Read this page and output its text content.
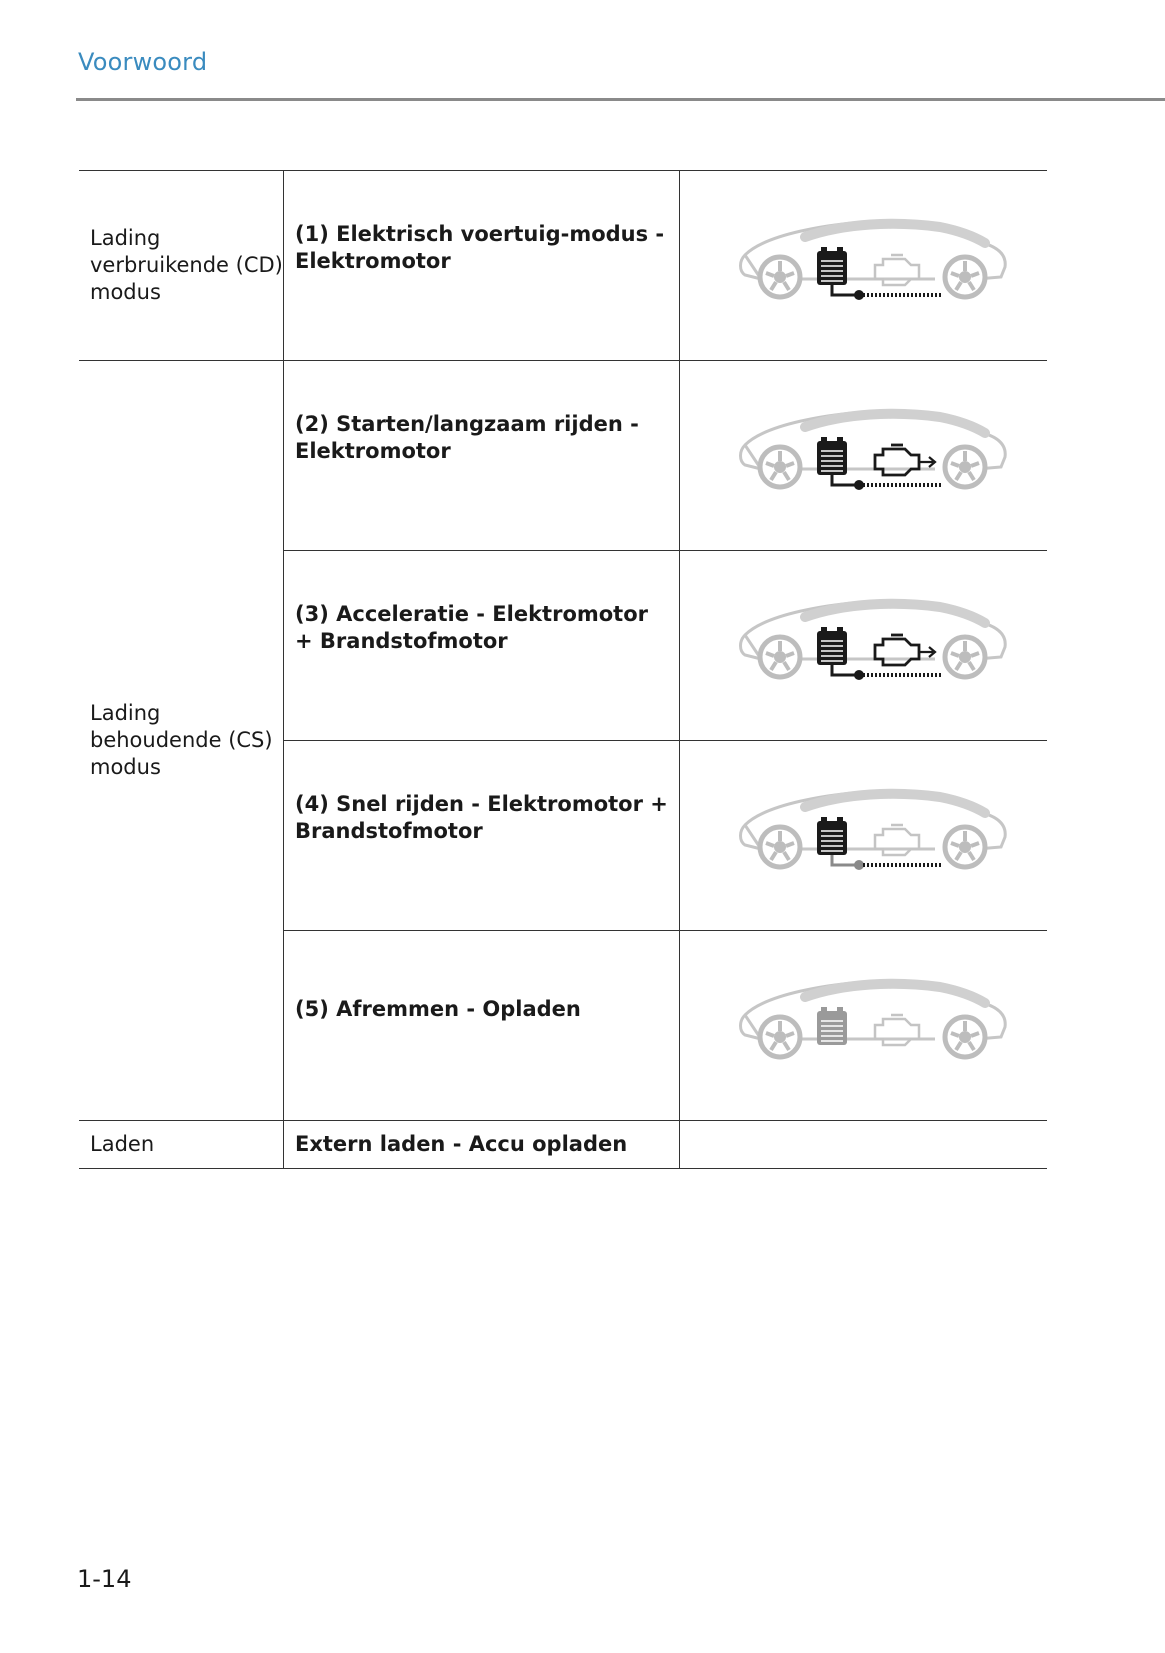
Voorwoord
Lading verbruikende (CD) modus	(1) Elektrisch voertuig-modus - Elektromotor

Lading behoudende (CS) modus	(2) Starten/langzaam rijden - Elektromotor

	(3) Acceleratie - Elektromotor + Brandstofmotor

	(4) Snel rijden - Elektromotor + Brandstofmotor

	(5) Afremmen - Opladen

Laden	Extern laden - Accu opladen	
1-14
